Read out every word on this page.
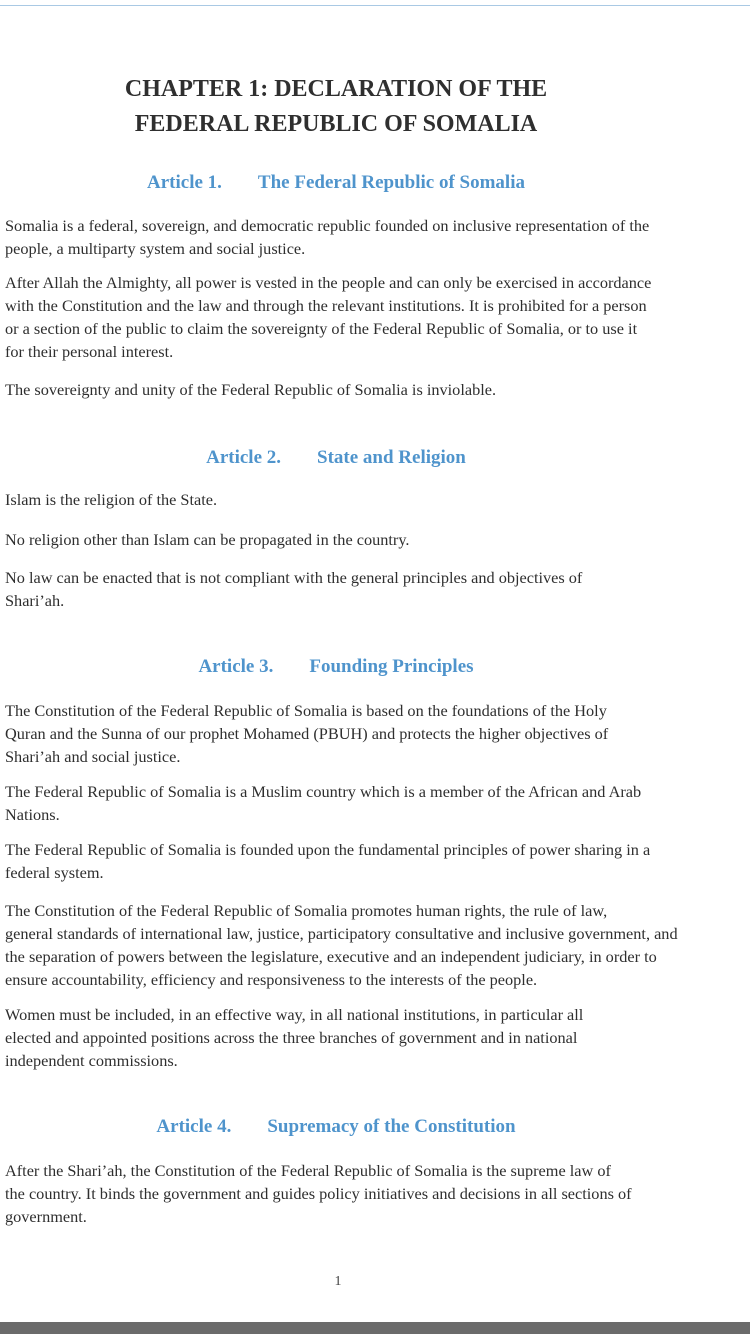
CHAPTER 1: DECLARATION OF THE
FEDERAL REPUBLIC OF SOMALIA
Article 1. The Federal Republic of Somalia

Somalia is a federal, sovereign, and democratic republic founded on inclusive representation of the
people, a multiparty system and social justice.

After Allah the Almighty, all power is vested in the people and can only be exercised in accordance
with the Constitution and the law and through the relevant institutions. It is prohibited for a person
or a section of the public to claim the sovereignty of the Federal Republic of Somalia, or to use it
for their personal interest.

The sovereignty and unity of the Federal Republic of Somalia is inviolable.

Article 2. State and Religion

Islam is the religion of the State.

No religion other than Islam can be propagated in the country.

No law can be enacted that is not compliant with the general principles and objectives of
Shari’ah.

Article 3. Founding Principles

The Constitution of the Federal Republic of Somalia is based on the foundations of the Holy
Quran and the Sunna of our prophet Mohamed (PBUH) and protects the higher objectives of
Shari’ah and social justice.

The Federal Republic of Somalia is a Muslim country which is a member of the African and Arab
Nations.

The Federal Republic of Somalia is founded upon the fundamental principles of power sharing in a
federal system.

The Constitution of the Federal Republic of Somalia promotes human rights, the rule of law,
general standards of international law, justice, participatory consultative and inclusive government, and
the separation of powers between the legislature, executive and an independent judiciary, in order to
ensure accountability, efficiency and responsiveness to the interests of the people.

Women must be included, in an effective way, in all national institutions, in particular all
elected and appointed positions across the three branches of government and in national
independent commissions.

Article 4. Supremacy of the Constitution

After the Shari’ah, the Constitution of the Federal Republic of Somalia is the supreme law of
the country. It binds the government and guides policy initiatives and decisions in all sections of
government.

1
